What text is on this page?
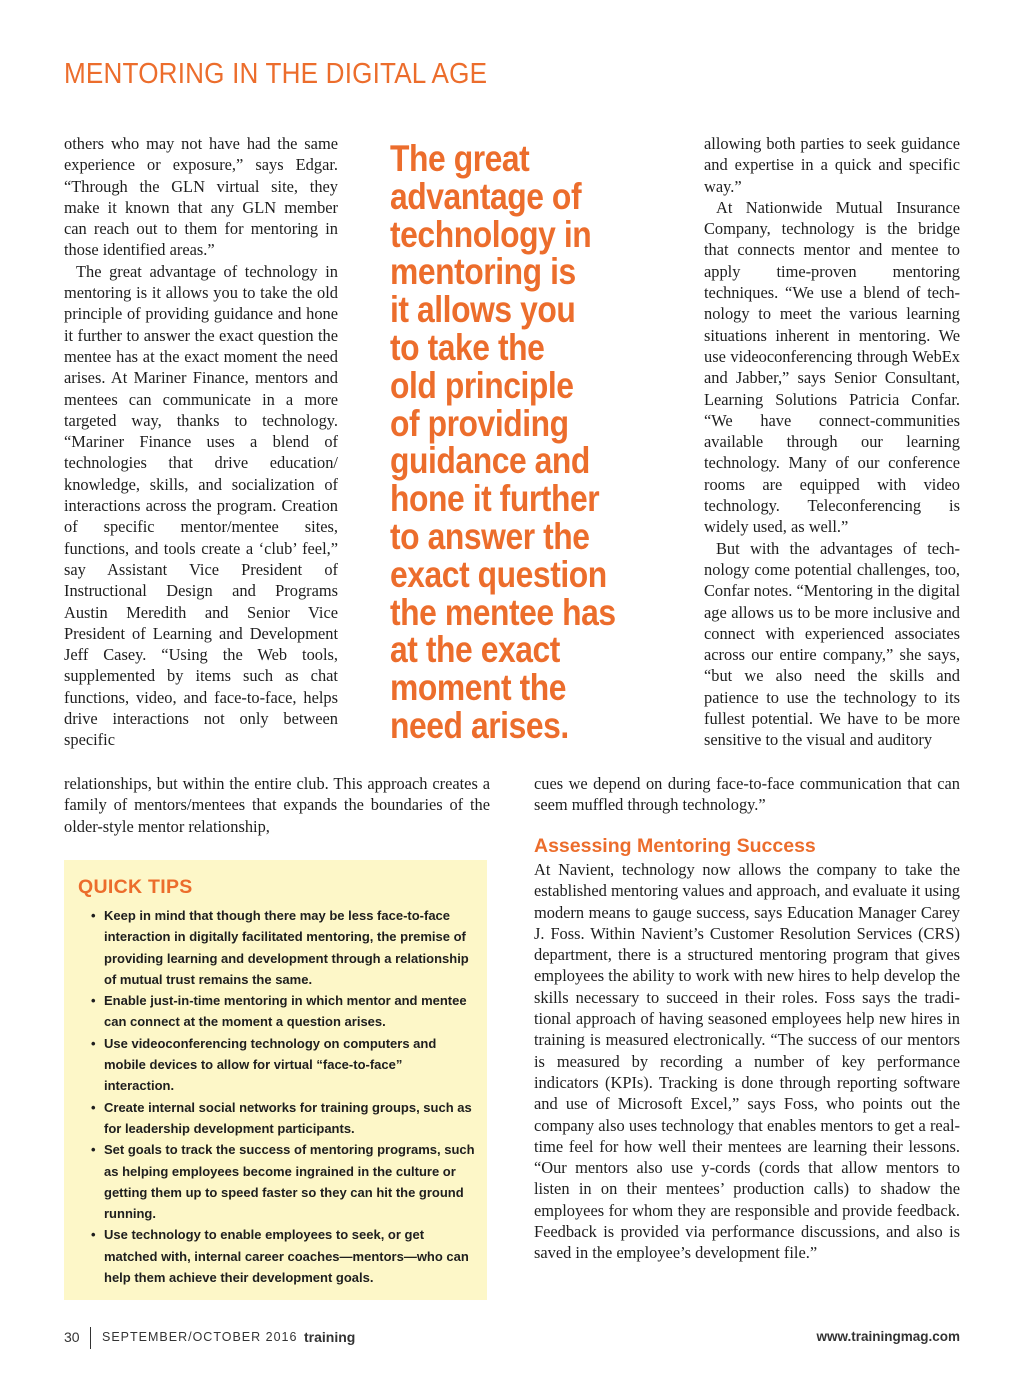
MENTORING IN THE DIGITAL AGE

others who may not have had the same experience or exposure,” says Edgar. “Through the GLN virtual site, they make it known that any GLN member can reach out to them for mentoring in those identified areas.”

The great advantage of technology in mentoring is it allows you to take the old principle of providing guidance and hone it further to answer the exact question the mentee has at the exact moment the need arises. At Mariner Finance, mentors and mentees can communicate in a more targeted way, thanks to technology. “Mariner Finance uses a blend of technologies that drive education/ knowledge, skills, and socialization of interactions across the program. Creation of specific mentor/mentee sites, functions, and tools create a ‘club’ feel,” say Assistant Vice President of Instructional Design and Programs Austin Meredith and Senior Vice President of Learning and Development Jeff Casey. “Using the Web tools, supplemented by items such as chat functions, video, and face-to-face, helps drive interactions not only between specific

The great
advantage of
technology in
mentoring is
it allows you
to take the
old principle
of providing
guidance and
hone it further
to answer the
exact question
the mentee has
at the exact
moment the
need arises.

allowing both parties to seek guidance and expertise in a quick and specific way.”

At Nationwide Mutual Insurance Company, technology is the bridge that connects mentor and mentee to apply time-proven mentoring techniques. “We use a blend of technology to meet the various learning situations inherent in mentoring. We use videoconferencing through WebEx and Jabber,” says Senior Consultant, Learning Solutions Patricia Confar. “We have connect-communities available through our learning technology. Many of our conference rooms are equipped with video technology. Teleconferencing is widely used, as well.”

But with the advantages of technology come potential challenges, too, Confar notes. “Mentoring in the digital age allows us to be more inclusive and connect with experienced associates across our entire company,” she says, “but we also need the skills and patience to use the technology to its fullest potential. We have to be more sensitive to the visual and auditory

relationships, but within the entire club. This approach creates a family of mentors/mentees that expands the boundaries of the older-style mentor relationship,

cues we depend on during face-to-face communication that can seem muffled through technology.”

Assessing Mentoring Success

At Navient, technology now allows the company to take the established mentoring values and approach, and evaluate it using modern means to gauge success, says Education Manager Carey J. Foss. Within Navient’s Customer Resolution Services (CRS) department, there is a structured mentoring program that gives employees the ability to work with new hires to help develop the skills necessary to succeed in their roles. Foss says the traditional approach of having seasoned employees help new hires in training is measured electronically. “The success of our mentors is measured by recording a number of key performance indicators (KPIs). Tracking is done through reporting software and use of Microsoft Excel,” says Foss, who points out the company also uses technology that enables mentors to get a real-time feel for how well their mentees are learning their lessons. “Our mentors also use y-cords (cords that allow mentors to listen in on their mentees’ production calls) to shadow the employees for whom they are responsible and provide feedback. Feedback is provided via performance discussions, and also is saved in the employee’s development file.”

QUICK TIPS
• Keep in mind that though there may be less face-to-face interaction in digitally facilitated mentoring, the premise of providing learning and development through a relationship of mutual trust remains the same.
• Enable just-in-time mentoring in which mentor and mentee can connect at the moment a question arises.
• Use videoconferencing technology on computers and mobile devices to allow for virtual “face-to-face” interaction.
• Create internal social networks for training groups, such as for leadership development participants.
• Set goals to track the success of mentoring programs, such as helping employees become ingrained in the culture or getting them up to speed faster so they can hit the ground running.
• Use technology to enable employees to seek, or get matched with, internal career coaches—mentors—who can help them achieve their development goals.
30 SEPTEMBER/OCTOBER 2016 training	www.trainingmag.com
